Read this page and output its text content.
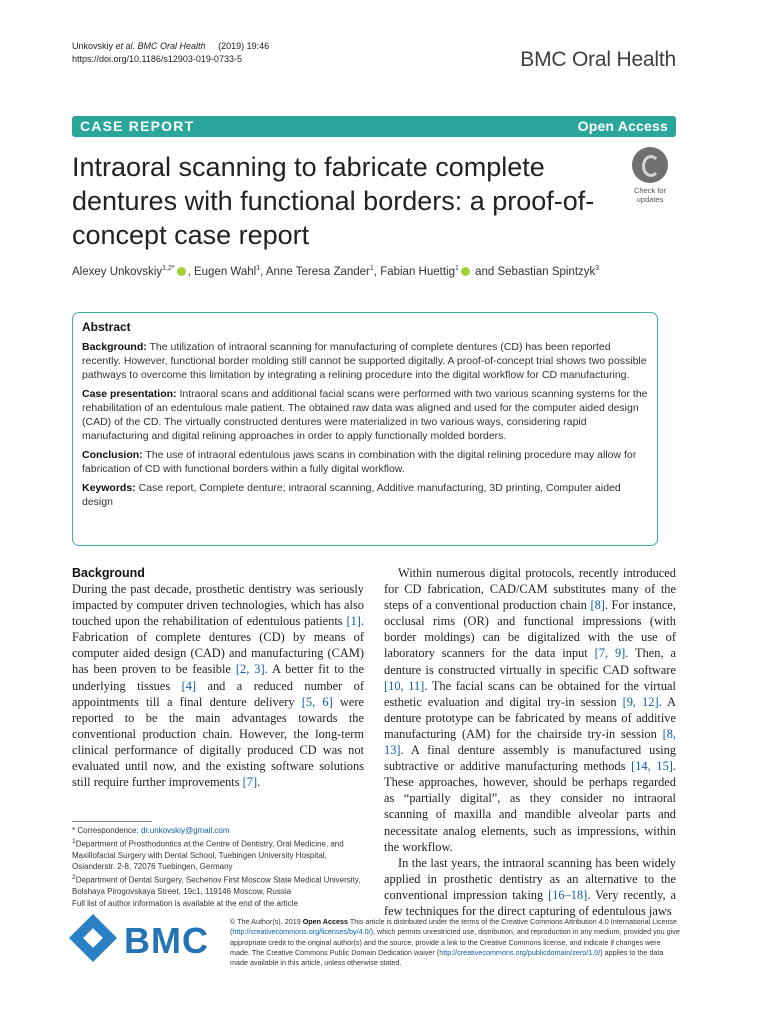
Unkovskiy et al. BMC Oral Health (2019) 19:46
https://doi.org/10.1186/s12903-019-0733-5	BMC Oral Health
CASE REPORT	Open Access
Intraoral scanning to fabricate complete dentures with functional borders: a proof-of-concept case report
Check for
updates
Alexey Unkovskiy$^{1,2*}$ , Eugen Wahl$^1$, Anne Teresa Zander$^1$, Fabian Huettig$^1$ and Sebastian Spintzyk$^3$
Abstract

Background: The utilization of intraoral scanning for manufacturing of complete dentures (CD) has been reported recently. However, functional border molding still cannot be supported digitally. A proof-of-concept trial shows two possible pathways to overcome this limitation by integrating a relining procedure into the digital workflow for CD manufacturing.

Case presentation: Intraoral scans and additional facial scans were performed with two various scanning systems for the rehabilitation of an edentulous male patient. The obtained raw data was aligned and used for the computer aided design (CAD) of the CD. The virtually constructed dentures were materialized in two various ways, considering rapid manufacturing and digital relining approaches in order to apply functionally molded borders.

Conclusion: The use of intraoral edentulous jaws scans in combination with the digital relining procedure may allow for fabrication of CD with functional borders within a fully digital workflow.

Keywords: Case report, Complete denture; intraoral scanning, Additive manufacturing, 3D printing, Computer aided design

Background

During the past decade, prosthetic dentistry was seriously impacted by computer driven technologies, which has also touched upon the rehabilitation of edentulous patients [1]. Fabrication of complete dentures (CD) by means of computer aided design (CAD) and manufacturing (CAM) has been proven to be feasible [2, 3]. A better fit to the underlying tissues [4] and a reduced number of appointments till a final denture delivery [5, 6] were reported to be the main advantages towards the conventional production chain. However, the long-term clinical performance of digitally produced CD was not evaluated until now, and the existing software solutions still require further improvements [7].

Within numerous digital protocols, recently introduced for CD fabrication, CAD/CAM substitutes many of the steps of a conventional production chain [8]. For instance, occlusal rims (OR) and functional impressions (with border moldings) can be digitalized with the use of laboratory scanners for the data input [7, 9]. Then, a denture is constructed virtually in specific CAD software [10, 11]. The facial scans can be obtained for the virtual esthetic evaluation and digital try-in session [9, 12]. A denture prototype can be fabricated by means of additive manufacturing (AM) for the chairside try-in session [8, 13]. A final denture assembly is manufactured using subtractive or additive manufacturing methods [14, 15]. These approaches, however, should be perhaps regarded as “partially digital”, as they consider no intraoral scanning of maxilla and mandible alveolar parts and necessitate analog elements, such as impressions, within the workflow.

In the last years, the intraoral scanning has been widely applied in prosthetic dentistry as an alternative to the conventional impression taking [16–18]. Very recently, a few techniques for the direct capturing of edentulous jaws

* Correspondence: dr.unkovskiy@gmail.com
$^1$Department of Prosthodontics at the Centre of Dentistry, Oral Medicine, and Maxillofacial Surgery with Dental School, Tuebingen University Hospital, Osianderstr. 2-8, 72076 Tuebingen, Germany
$^2$Department of Dental Surgery, Sechenov First Moscow State Medical University, Bolshaya Pirogovskaya Street, 19c1, 119146 Moscow, Russia
Full list of author information is available at the end of the article
BMC	© The Author(s). 2019 Open Access This article is distributed under the terms of the Creative Commons Attribution 4.0 International License (http://creativecommons.org/licenses/by/4.0/), which permits unrestricted use, distribution, and reproduction in any medium, provided you give appropriate credit to the original author(s) and the source, provide a link to the Creative Commons license, and indicate if changes were made. The Creative Commons Public Domain Dedication waiver (http://creativecommons.org/publicdomain/zero/1.0/) applies to the data made available in this article, unless otherwise stated.
